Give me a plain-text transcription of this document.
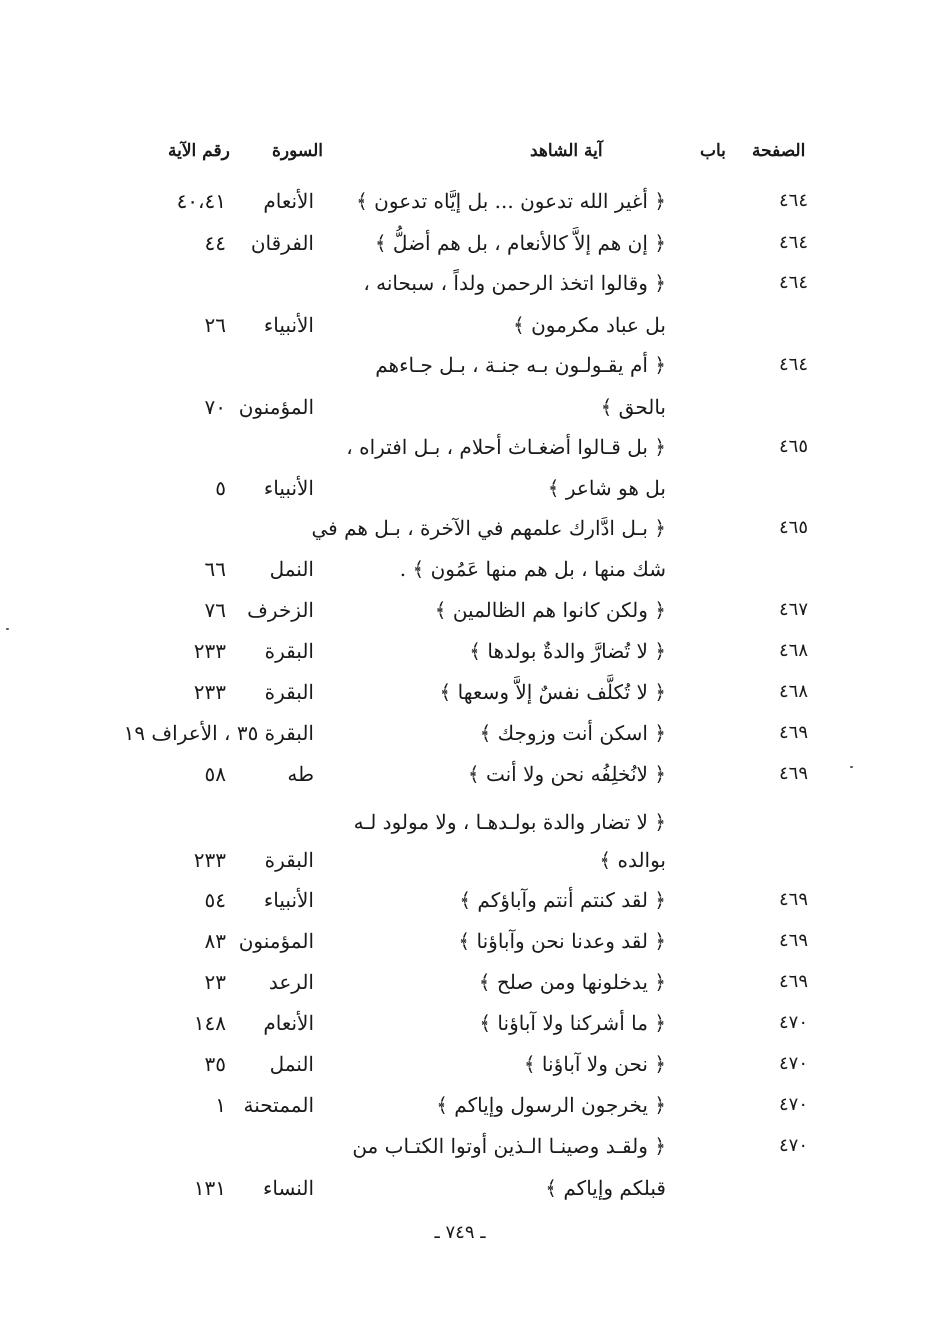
الصفحة
باب
آية الشاهد
السورة
رقم الآية
٤٦٤
﴿ أغير الله تدعون ... بل إيَّاه تدعون ﴾
الأنعام
٤٠،٤١
٤٦٤
﴿ إن هم إلاَّ كالأنعام ، بل هم أضلُّ ﴾
الفرقان
٤٤
٤٦٤
﴿ وقالوا اتخذ الرحمن ولداً ، سبحانه ،
بل عباد مكرمون ﴾
الأنبياء
٢٦
٤٦٤
﴿ أم يقـولـون بـه جنـة ، بـل جـاءهم
بالحق ﴾
المؤمنون
٧٠
٤٦٥
﴿ بل قـالوا أضغـاث أحلام ، بـل افتراه ،
بل هو شاعر ﴾
الأنبياء
٥
٤٦٥
﴿ بـل ادَّارك علمهم في الآخرة ، بـل هم في
شك منها ، بل هم منها عَمُون ﴾ .
النمل
٦٦
٤٦٧
﴿ ولكن كانوا هم الظالمين ﴾
الزخرف
٧٦
٤٦٨
﴿ لا تُضارَّ والدةٌ بولدها ﴾
البقرة
٢٣٣
٤٦٨
﴿ لا تُكلَّف نفسٌ إلاَّ وسعها ﴾
البقرة
٢٣٣
٤٦٩
﴿ اسكن أنت وزوجك ﴾
البقرة ٣٥ ، الأعراف ١٩
٤٦٩
﴿ لانُخلِفُه نحن ولا أنت ﴾
طه
٥٨
﴿ لا تضار والدة بولـدهـا ، ولا مولود لـه
بوالده ﴾
البقرة
٢٣٣
٤٦٩
﴿ لقد كنتم أنتم وآباؤكم ﴾
الأنبياء
٥٤
٤٦٩
﴿ لقد وعدنا نحن وآباؤنا ﴾
المؤمنون
٨٣
٤٦٩
﴿ يدخلونها ومن صلح ﴾
الرعد
٢٣
٤٧٠
﴿ ما أشركنا ولا آباؤنا ﴾
الأنعام
١٤٨
٤٧٠
﴿ نحن ولا آباؤنا ﴾
النمل
٣٥
٤٧٠
﴿ يخرجون الرسول وإياكم ﴾
الممتحنة
١
٤٧٠
﴿ ولقـد وصينـا الـذين أوتوا الكتـاب من
قبلكم وإياكم ﴾
النساء
١٣١
ـ ٧٤٩ ـ
